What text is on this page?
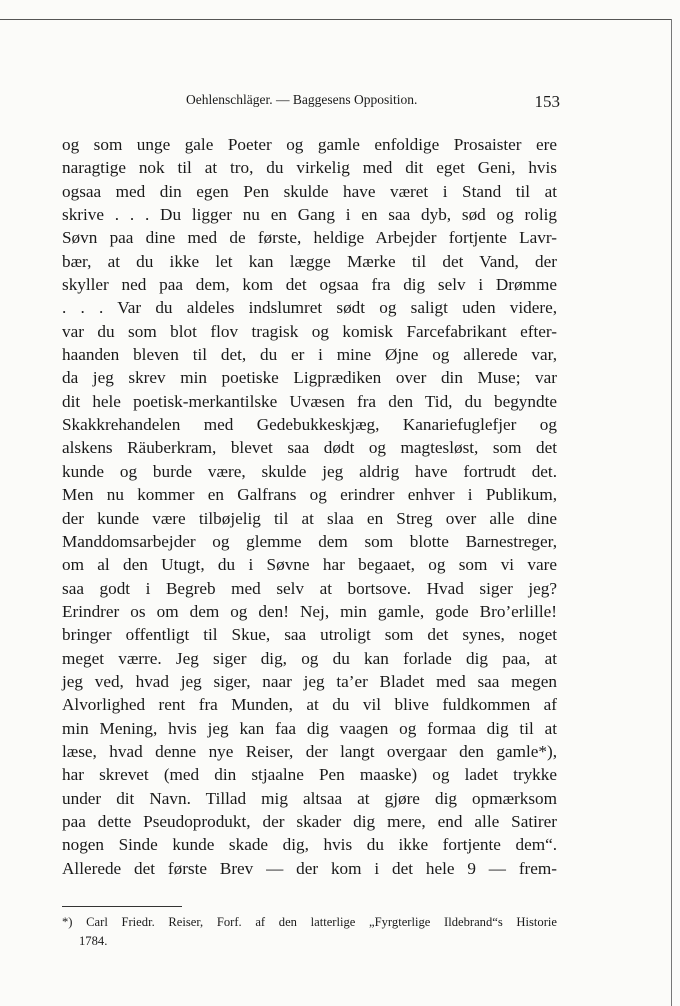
Oehlenschläger. — Baggesens Opposition.	153
og som unge gale Poeter og gamle enfoldige Prosaister ere
naragtige nok til at tro, du virkelig med dit eget Geni, hvis
ogsaa med din egen Pen skulde have været i Stand til at
skrive . . . Du ligger nu en Gang i en saa dyb, sød og rolig
Søvn paa dine med de første, heldige Arbejder fortjente Lavr-
bær, at du ikke let kan lægge Mærke til det Vand, der
skyller ned paa dem, kom det ogsaa fra dig selv i Drømme
. . . Var du aldeles indslumret sødt og saligt uden videre,
var du som blot flov tragisk og komisk Farcefabrikant efter-
haanden bleven til det, du er i mine Øjne og allerede var,
da jeg skrev min poetiske Ligprædiken over din Muse; var
dit hele poetisk-merkantilske Uvæsen fra den Tid, du begyndte
Skakkrehandelen med Gedebukkeskjæg, Kanariefuglefjer og
alskens Räuberkram, blevet saa dødt og magtesløst, som det
kunde og burde være, skulde jeg aldrig have fortrudt det.
Men nu kommer en Galfrans og erindrer enhver i Publikum,
der kunde være tilbøjelig til at slaa en Streg over alle dine
Manddomsarbejder og glemme dem som blotte Barnestreger,
om al den Utugt, du i Søvne har begaaet, og som vi vare
saa godt i Begreb med selv at bortsove. Hvad siger jeg?
Erindrer os om dem og den! Nej, min gamle, gode Bro’erlille!
bringer offentligt til Skue, saa utroligt som det synes, noget
meget værre. Jeg siger dig, og du kan forlade dig paa, at
jeg ved, hvad jeg siger, naar jeg ta’er Bladet med saa megen
Alvorlighed rent fra Munden, at du vil blive fuldkommen af
min Mening, hvis jeg kan faa dig vaagen og formaa dig til at
læse, hvad denne nye Reiser, der langt overgaar den gamle*),
har skrevet (med din stjaalne Pen maaske) og ladet trykke
under dit Navn. Tillad mig altsaa at gjøre dig opmærksom
paa dette Pseudoprodukt, der skader dig mere, end alle Satirer
nogen Sinde kunde skade dig, hvis du ikke fortjente dem“.
Allerede det første Brev — der kom i det hele 9 — frem-
*) Carl Friedr. Reiser, Forf. af den latterlige „Fyrgterlige Ildebrand“s Historie
1784.
